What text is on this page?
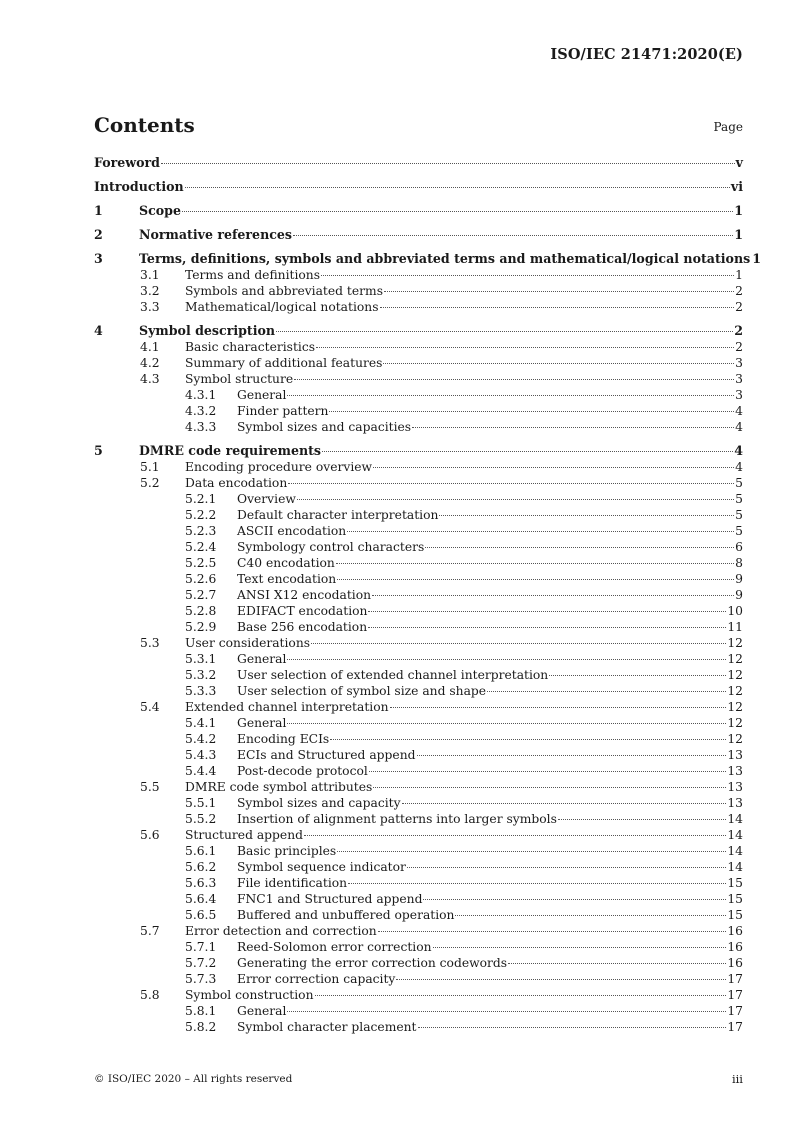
ISO/IEC 21471:2020(E)
Contents	Page
Foreword	v
Introduction	vi
1	Scope	1
2	Normative references	1
3	Terms, definitions, symbols and abbreviated terms and mathematical/logical notations 1
3.1	Terms and definitions	1
3.2	Symbols and abbreviated terms	2
3.3	Mathematical/logical notations	2
4	Symbol description	2
4.1	Basic characteristics	2
4.2	Summary of additional features	3
4.3	Symbol structure	3
4.3.1	General	3
4.3.2	Finder pattern	4
4.3.3	Symbol sizes and capacities	4
5	DMRE code requirements	4
5.1	Encoding procedure overview	4
5.2	Data encodation	5
5.2.1	Overview	5
5.2.2	Default character interpretation	5
5.2.3	ASCII encodation	5
5.2.4	Symbology control characters	6
5.2.5	C40 encodation	8
5.2.6	Text encodation	9
5.2.7	ANSI X12 encodation	9
5.2.8	EDIFACT encodation	10
5.2.9	Base 256 encodation	11
5.3	User considerations	12
5.3.1	General	12
5.3.2	User selection of extended channel interpretation	12
5.3.3	User selection of symbol size and shape	12
5.4	Extended channel interpretation	12
5.4.1	General	12
5.4.2	Encoding ECIs	12
5.4.3	ECIs and Structured append	13
5.4.4	Post-decode protocol	13
5.5	DMRE code symbol attributes	13
5.5.1	Symbol sizes and capacity	13
5.5.2	Insertion of alignment patterns into larger symbols	14
5.6	Structured append	14
5.6.1	Basic principles	14
5.6.2	Symbol sequence indicator	14
5.6.3	File identification	15
5.6.4	FNC1 and Structured append	15
5.6.5	Buffered and unbuffered operation	15
5.7	Error detection and correction	16
5.7.1	Reed-Solomon error correction	16
5.7.2	Generating the error correction codewords	16
5.7.3	Error correction capacity	17
5.8	Symbol construction	17
5.8.1	General	17
5.8.2	Symbol character placement	17
© ISO/IEC 2020 – All rights reserved	iii
